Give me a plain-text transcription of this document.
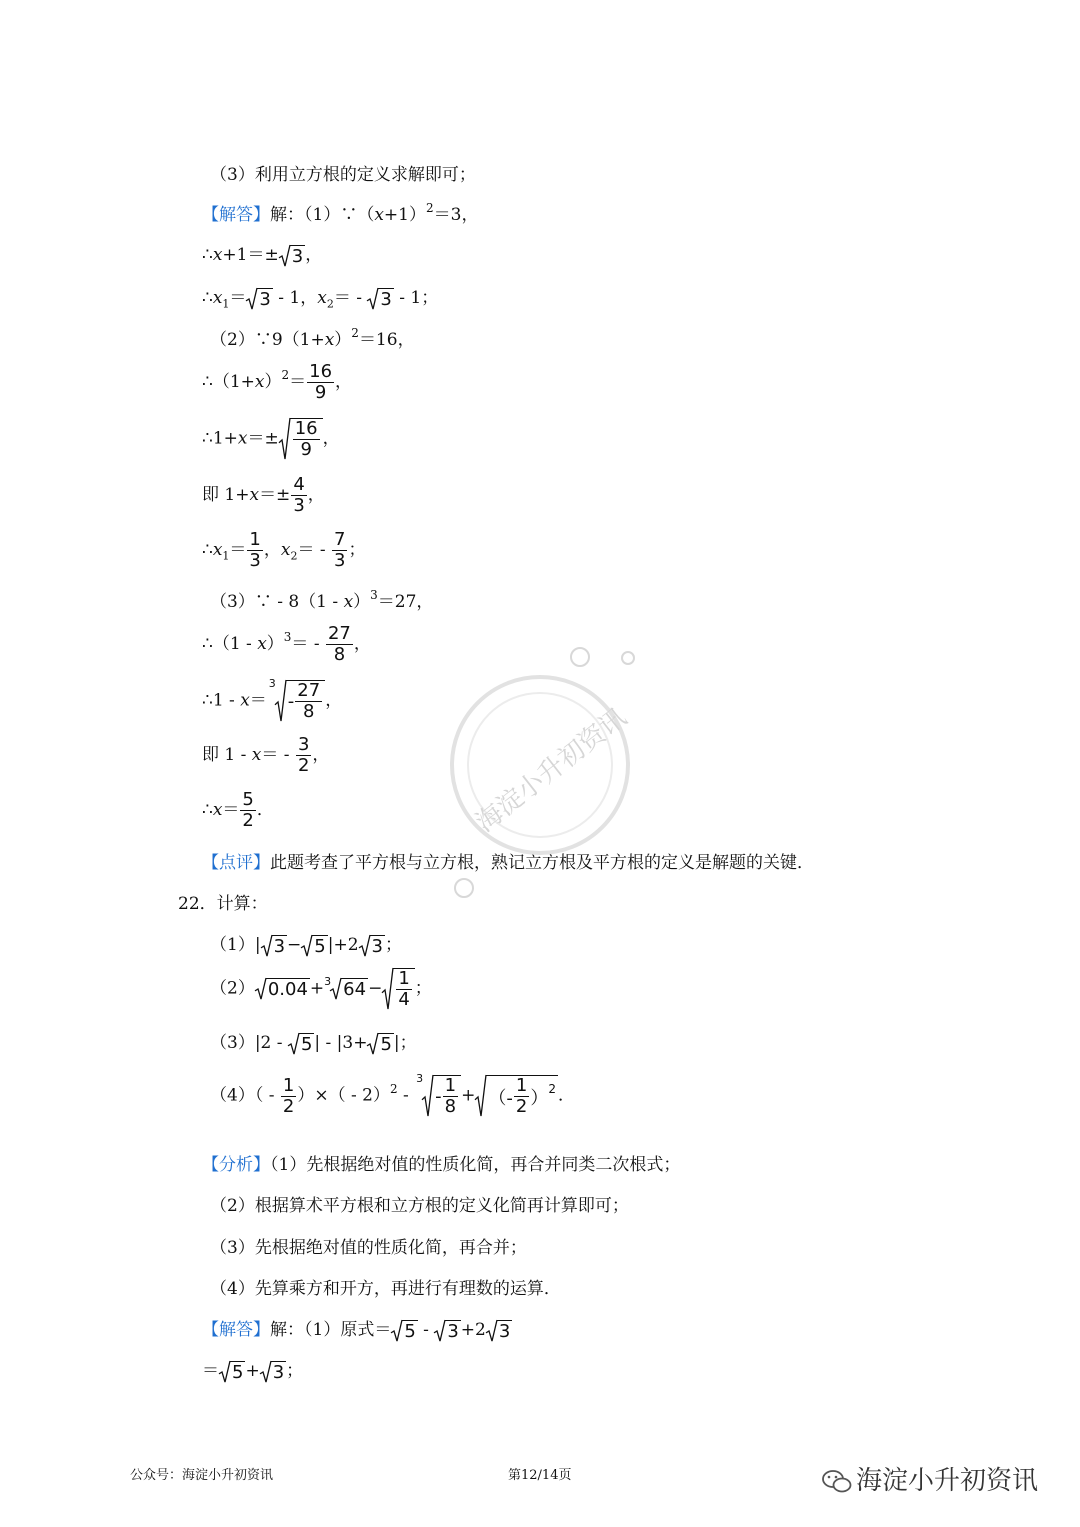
（3）利用立方根的定义求解即可；
【解答】解：$(1)\because(x+1)^2=3$，
∴x+1＝± 3 ，
$\therefore x_1= 3 - 1$，$x_2= - 3 - 1$；
$(2)\because 9(1+x)^2=16$，
$\therefore(1+x)^2= \frac{16}{9}$ ，
∴1+x＝± $\frac{16}{9}$ ，
即 $1+x=\pm \frac{4}{3}$ ，
$\therefore x_1= \frac{1}{3}$ ，$x_2= - \frac{7}{3}$ ；
（3）∵ - 8（1 - x）$^3$＝27，
∴（1 - $x)^3= - \frac{27}{8}$ ，
∴1 - x＝
3
- $\frac{27}{8}$ ，
即 $1 - x= - \frac{3}{2}$ ，
∴x＝ $\frac{5}{2}$ ．
【点评】此题考查了平方根与立方根，熟记立方根及平方根的定义是解题的关键．
22．计算：
（1）| 3 − 5 |+2 3 ；
（2） 0.04 + 3 $64 - \frac{1}{4}$ ；
（3）|2 - 5 | - |3+ 5 |；
$(4)( - \frac{1}{2}$ ）×（ - 2）$^2$ -
3
- $\frac{1}{8}$ + （- $\frac{1}{2} )^2$ ．
【分析】（1）先根据绝对值的性质化简，再合并同类二次根式；
（2）根据算术平方根和立方根的定义化简再计算即可；
（3）先根据绝对值的性质化简，再合并；
（4）先算乘方和开方，再进行有理数的运算．
【解答】解：（1）原式＝ 5 - 3 +2 3
＝ 5 + 3 ；
海淀小升初资讯
公众号：海淀小升初资讯	第12/14页	海淀小升初资讯
